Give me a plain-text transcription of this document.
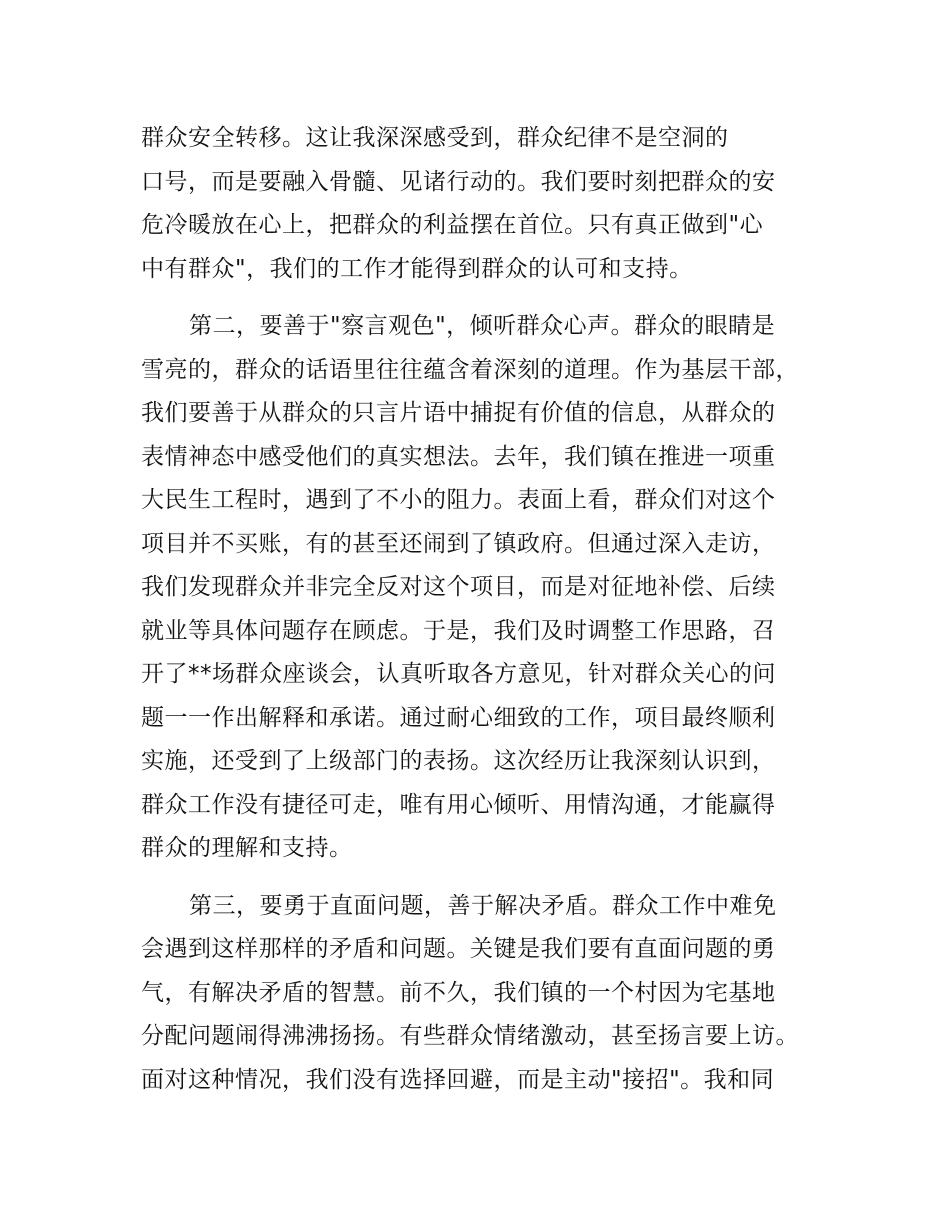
群众安全转移。这让我深深感受到，群众纪律不是空洞的
口号，而是要融入骨髓、见诸行动的。我们要时刻把群众的安
危冷暖放在心上，把群众的利益摆在首位。只有真正做到"心
中有群众"，我们的工作才能得到群众的认可和支持。
第二，要善于"察言观色"，倾听群众心声。群众的眼睛是
雪亮的，群众的话语里往往蕴含着深刻的道理。作为基层干部，
我们要善于从群众的只言片语中捕捉有价值的信息，从群众的
表情神态中感受他们的真实想法。去年，我们镇在推进一项重
大民生工程时，遇到了不小的阻力。表面上看，群众们对这个
项目并不买账，有的甚至还闹到了镇政府。但通过深入走访，
我们发现群众并非完全反对这个项目，而是对征地补偿、后续
就业等具体问题存在顾虑。于是，我们及时调整工作思路，召
开了**场群众座谈会，认真听取各方意见，针对群众关心的问
题一一作出解释和承诺。通过耐心细致的工作，项目最终顺利
实施，还受到了上级部门的表扬。这次经历让我深刻认识到，
群众工作没有捷径可走，唯有用心倾听、用情沟通，才能赢得
群众的理解和支持。
第三，要勇于直面问题，善于解决矛盾。群众工作中难免
会遇到这样那样的矛盾和问题。关键是我们要有直面问题的勇
气，有解决矛盾的智慧。前不久，我们镇的一个村因为宅基地
分配问题闹得沸沸扬扬。有些群众情绪激动，甚至扬言要上访。
面对这种情况，我们没有选择回避，而是主动"接招"。我和同
